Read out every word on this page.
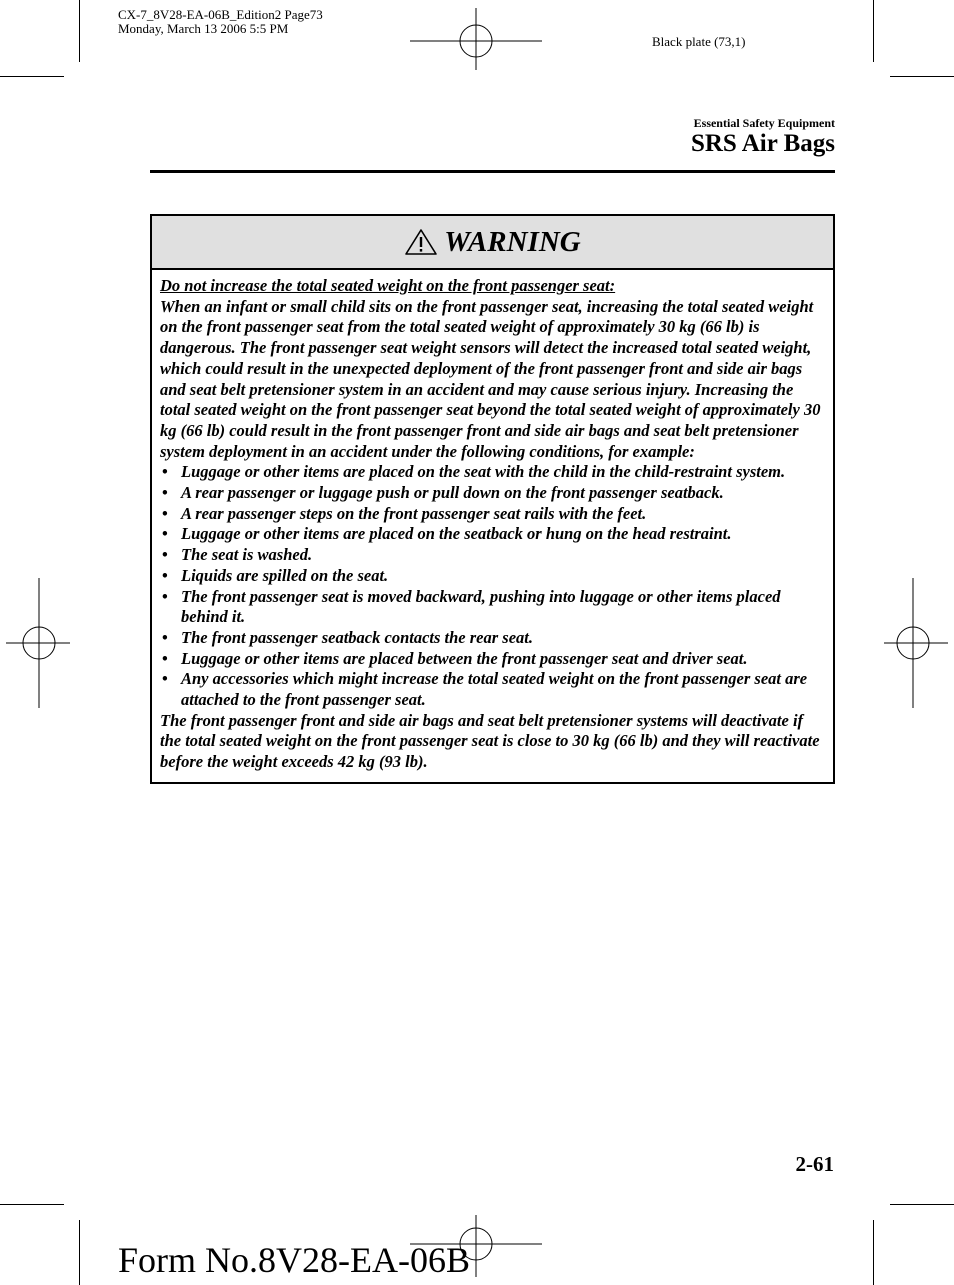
CX-7_8V28-EA-06B_Edition2 Page73
Monday, March 13 2006 5:5 PM
Black plate (73,1)
Essential Safety Equipment
SRS Air Bags
WARNING
Do not increase the total seated weight on the front passenger seat:
When an infant or small child sits on the front passenger seat, increasing the total seated weight on the front passenger seat from the total seated weight of approximately 30 kg (66 lb) is dangerous. The front passenger seat weight sensors will detect the increased total seated weight, which could result in the unexpected deployment of the front passenger front and side air bags and seat belt pretensioner system in an accident and may cause serious injury. Increasing the total seated weight on the front passenger seat beyond the total seated weight of approximately 30 kg (66 lb) could result in the front passenger front and side air bags and seat belt pretensioner system deployment in an accident under the following conditions, for example:
• Luggage or other items are placed on the seat with the child in the child-restraint system.
• A rear passenger or luggage push or pull down on the front passenger seatback.
• A rear passenger steps on the front passenger seat rails with the feet.
• Luggage or other items are placed on the seatback or hung on the head restraint.
• The seat is washed.
• Liquids are spilled on the seat.
• The front passenger seat is moved backward, pushing into luggage or other items placed behind it.
• The front passenger seatback contacts the rear seat.
• Luggage or other items are placed between the front passenger seat and driver seat.
• Any accessories which might increase the total seated weight on the front passenger seat are attached to the front passenger seat.
The front passenger front and side air bags and seat belt pretensioner systems will deactivate if the total seated weight on the front passenger seat is close to 30 kg (66 lb) and they will reactivate before the weight exceeds 42 kg (93 lb).
2-61
Form No.8V28-EA-06B
